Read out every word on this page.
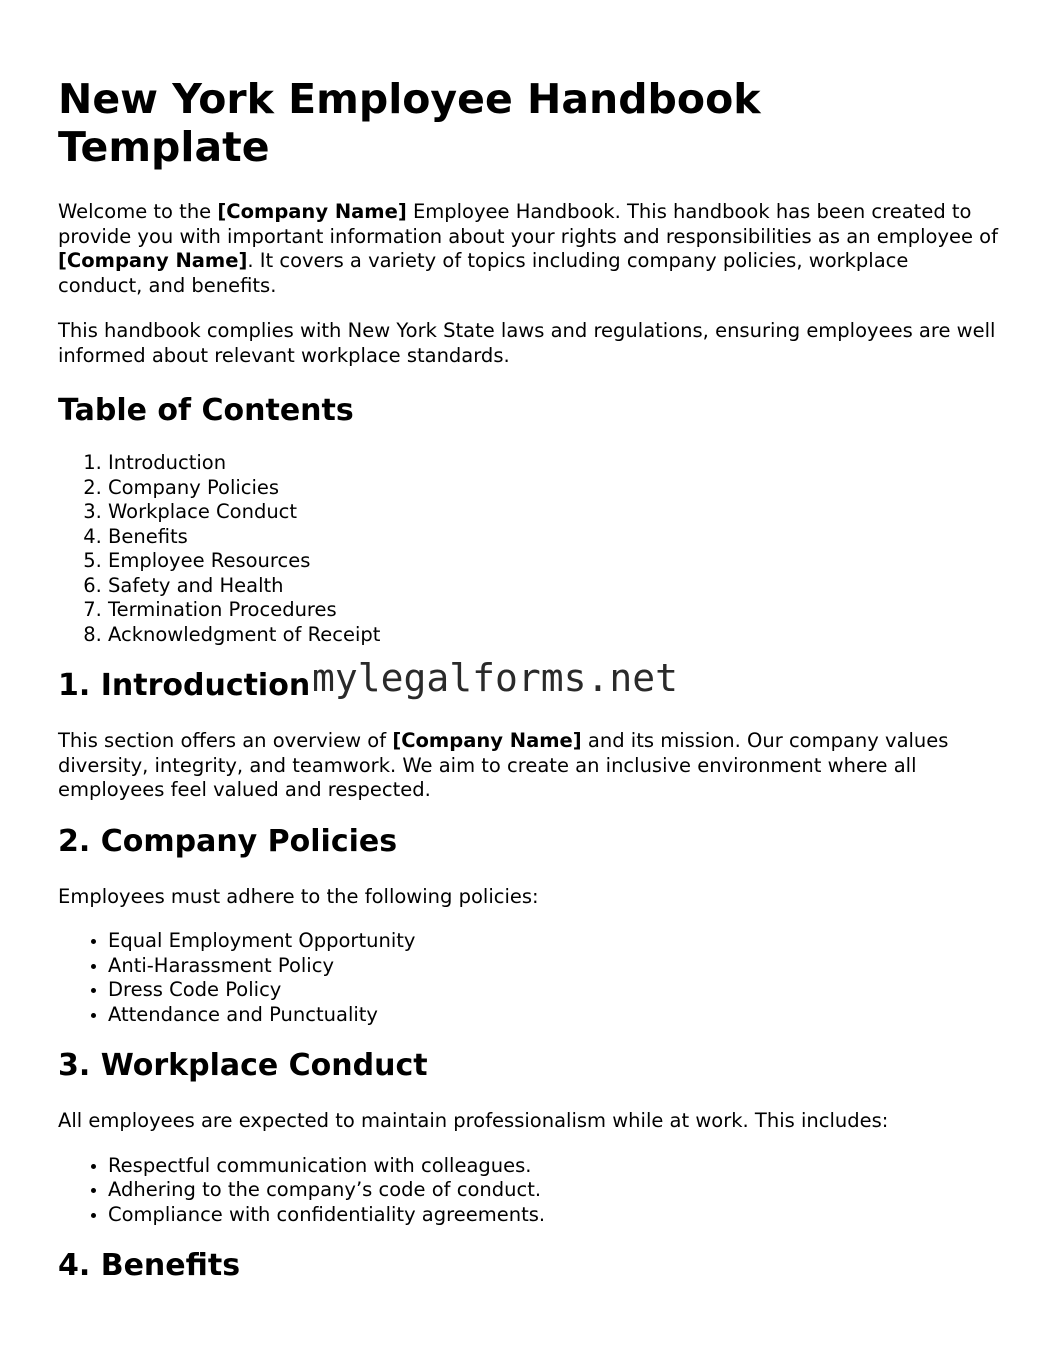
New York Employee Handbook Template

Welcome to the [Company Name] Employee Handbook. This handbook has been created to provide you with important information about your rights and responsibilities as an employee of [Company Name]. It covers a variety of topics including company policies, workplace conduct, and benefits.

This handbook complies with New York State laws and regulations, ensuring employees are well informed about relevant workplace standards.

Table of Contents
1. Introduction
2. Company Policies
3. Workplace Conduct
4. Benefits
5. Employee Resources
6. Safety and Health
7. Termination Procedures
8. Acknowledgment of Receipt
1. Introduction

This section offers an overview of [Company Name] and its mission. Our company values diversity, integrity, and teamwork. We aim to create an inclusive environment where all employees feel valued and respected.

2. Company Policies

Employees must adhere to the following policies:

• Equal Employment Opportunity
• Anti-Harassment Policy
• Dress Code Policy
• Attendance and Punctuality
3. Workplace Conduct

All employees are expected to maintain professionalism while at work. This includes:

• Respectful communication with colleagues.
• Adhering to the company’s code of conduct.
• Compliance with confidentiality agreements.
4. Benefits
mylegalforms.net
